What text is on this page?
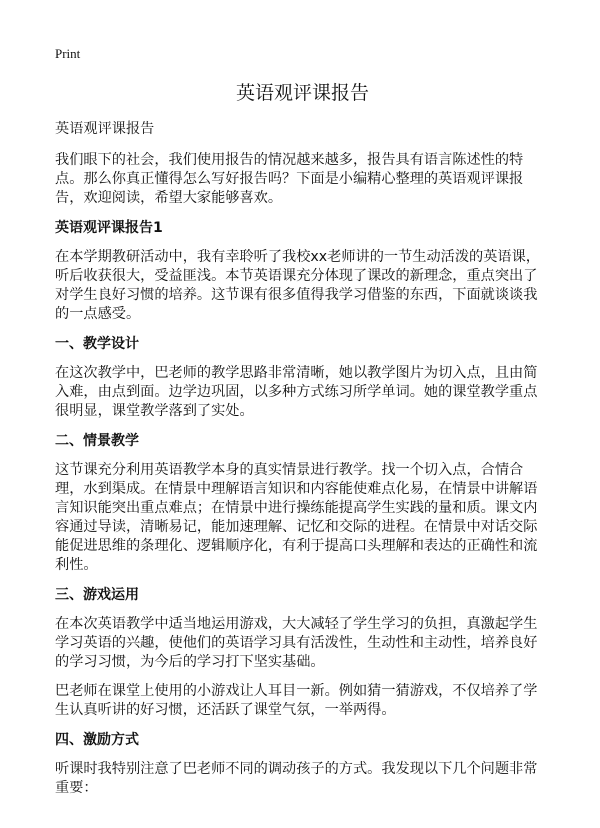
Print
英语观评课报告

英语观评课报告

我们眼下的社会，我们使用报告的情况越来越多，报告具有语言陈述性的特点。那么你真正懂得怎么写好报告吗？下面是小编精心整理的英语观评课报告，欢迎阅读，希望大家能够喜欢。

英语观评课报告1

在本学期教研活动中，我有幸聆听了我校xx老师讲的一节生动活泼的英语课，听后收获很大，受益匪浅。本节英语课充分体现了课改的新理念，重点突出了对学生良好习惯的培养。这节课有很多值得我学习借鉴的东西，下面就谈谈我的一点感受。

一、教学设计

在这次教学中，巴老师的教学思路非常清晰，她以教学图片为切入点，且由简入难，由点到面。边学边巩固，以多种方式练习所学单词。她的课堂教学重点很明显，课堂教学落到了实处。

二、情景教学

这节课充分利用英语教学本身的真实情景进行教学。找一个切入点，合情合理，水到渠成。在情景中理解语言知识和内容能使难点化易，在情景中讲解语言知识能突出重点难点；在情景中进行操练能提高学生实践的量和质。课文内容通过导读，清晰易记，能加速理解、记忆和交际的进程。在情景中对话交际能促进思维的条理化、逻辑顺序化，有利于提高口头理解和表达的正确性和流利性。

三、游戏运用

在本次英语教学中适当地运用游戏，大大减轻了学生学习的负担，真激起学生学习英语的兴趣，使他们的英语学习具有活泼性，生动性和主动性，培养良好的学习习惯，为今后的学习打下坚实基础。

巴老师在课堂上使用的小游戏让人耳目一新。例如猜一猜游戏，不仅培养了学生认真听讲的好习惯，还活跃了课堂气氛，一举两得。

四、激励方式

听课时我特别注意了巴老师不同的调动孩子的方式。我发现以下几个问题非常重要：
